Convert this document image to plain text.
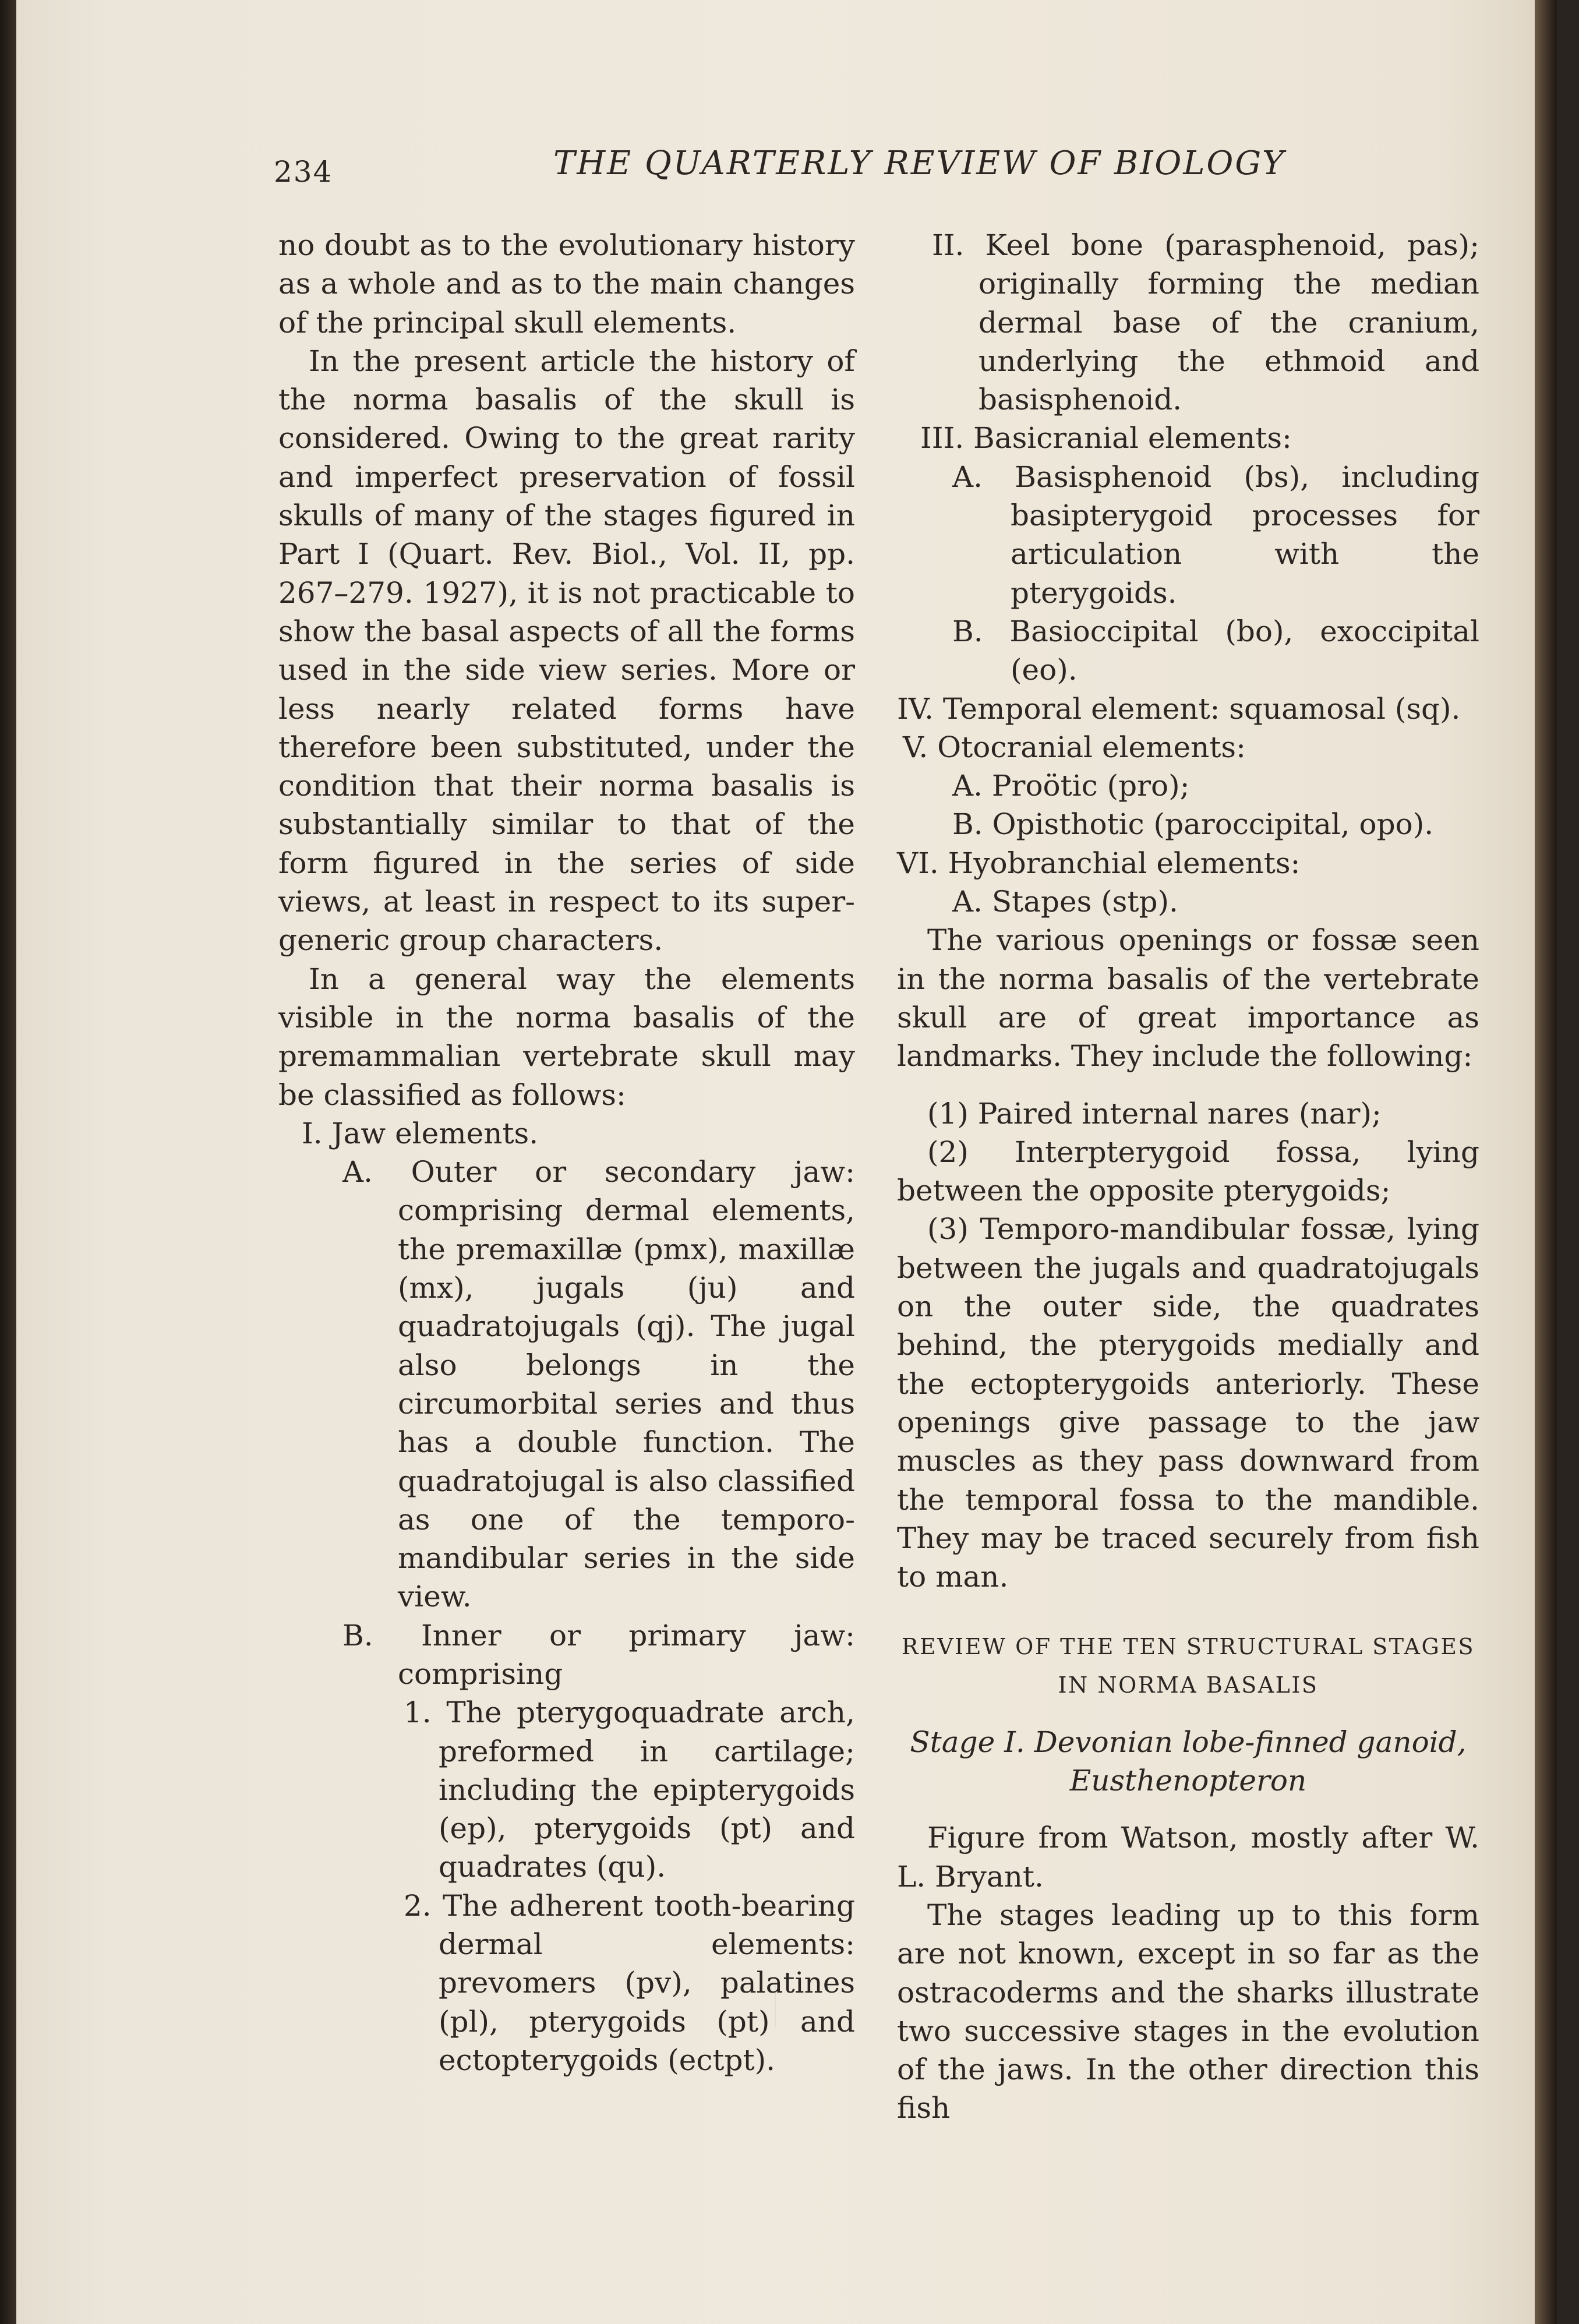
234	THE QUARTERLY REVIEW OF BIOLOGY

no doubt as to the evolutionary history as a whole and as to the main changes of the principal skull elements.

In the present article the history of the norma basalis of the skull is considered. Owing to the great rarity and imperfect preservation of fossil skulls of many of the stages figured in Part I (Quart. Rev. Biol., Vol. II, pp. 267–279. 1927), it is not practicable to show the basal aspects of all the forms used in the side view series. More or less nearly related forms have therefore been substituted, under the condition that their norma basalis is substantially similar to that of the form figured in the series of side views, at least in respect to its super-generic group characters.

In a general way the elements visible in the norma basalis of the premammalian vertebrate skull may be classified as follows:

I. Jaw elements.

A. Outer or secondary jaw: comprising dermal elements, the premaxillæ (pmx), maxillæ (mx), jugals (ju) and quadratojugals (qj). The jugal also belongs in the circumorbital series and thus has a double function. The quadratojugal is also classified as one of the temporo-mandibular series in the side view.

B. Inner or primary jaw: comprising

1. The pterygoquadrate arch, preformed in cartilage; including the epipterygoids (ep), pterygoids (pt) and quadrates (qu).

2. The adherent tooth-bearing dermal elements: prevomers (pv), palatines (pl), pterygoids (pt) and ectopterygoids (ectpt).

II. Keel bone (parasphenoid, pas); originally forming the median dermal base of the cranium, underlying the ethmoid and basisphenoid.

III. Basicranial elements:

A. Basisphenoid (bs), including basipterygoid processes for articulation with the pterygoids.

B. Basioccipital (bo), exoccipital (eo).

IV. Temporal element: squamosal (sq).

V. Otocranial elements:

A. Proötic (pro);

B. Opisthotic (paroccipital, opo).

VI. Hyobranchial elements:

A. Stapes (stp).

The various openings or fossæ seen in the norma basalis of the vertebrate skull are of great importance as landmarks. They include the following:

(1) Paired internal nares (nar);

(2) Interpterygoid fossa, lying between the opposite pterygoids;

(3) Temporo-mandibular fossæ, lying between the jugals and quadratojugals on the outer side, the quadrates behind, the pterygoids medially and the ectopterygoids anteriorly. These openings give passage to the jaw muscles as they pass downward from the temporal fossa to the mandible. They may be traced securely from fish to man.

REVIEW OF THE TEN STRUCTURAL STAGES IN NORMA BASALIS

Stage I. Devonian lobe-finned ganoid,

Eusthenopteron

Figure from Watson, mostly after W. L. Bryant.

The stages leading up to this form are not known, except in so far as the ostracoderms and the sharks illustrate two successive stages in the evolution of the jaws. In the other direction this fish
